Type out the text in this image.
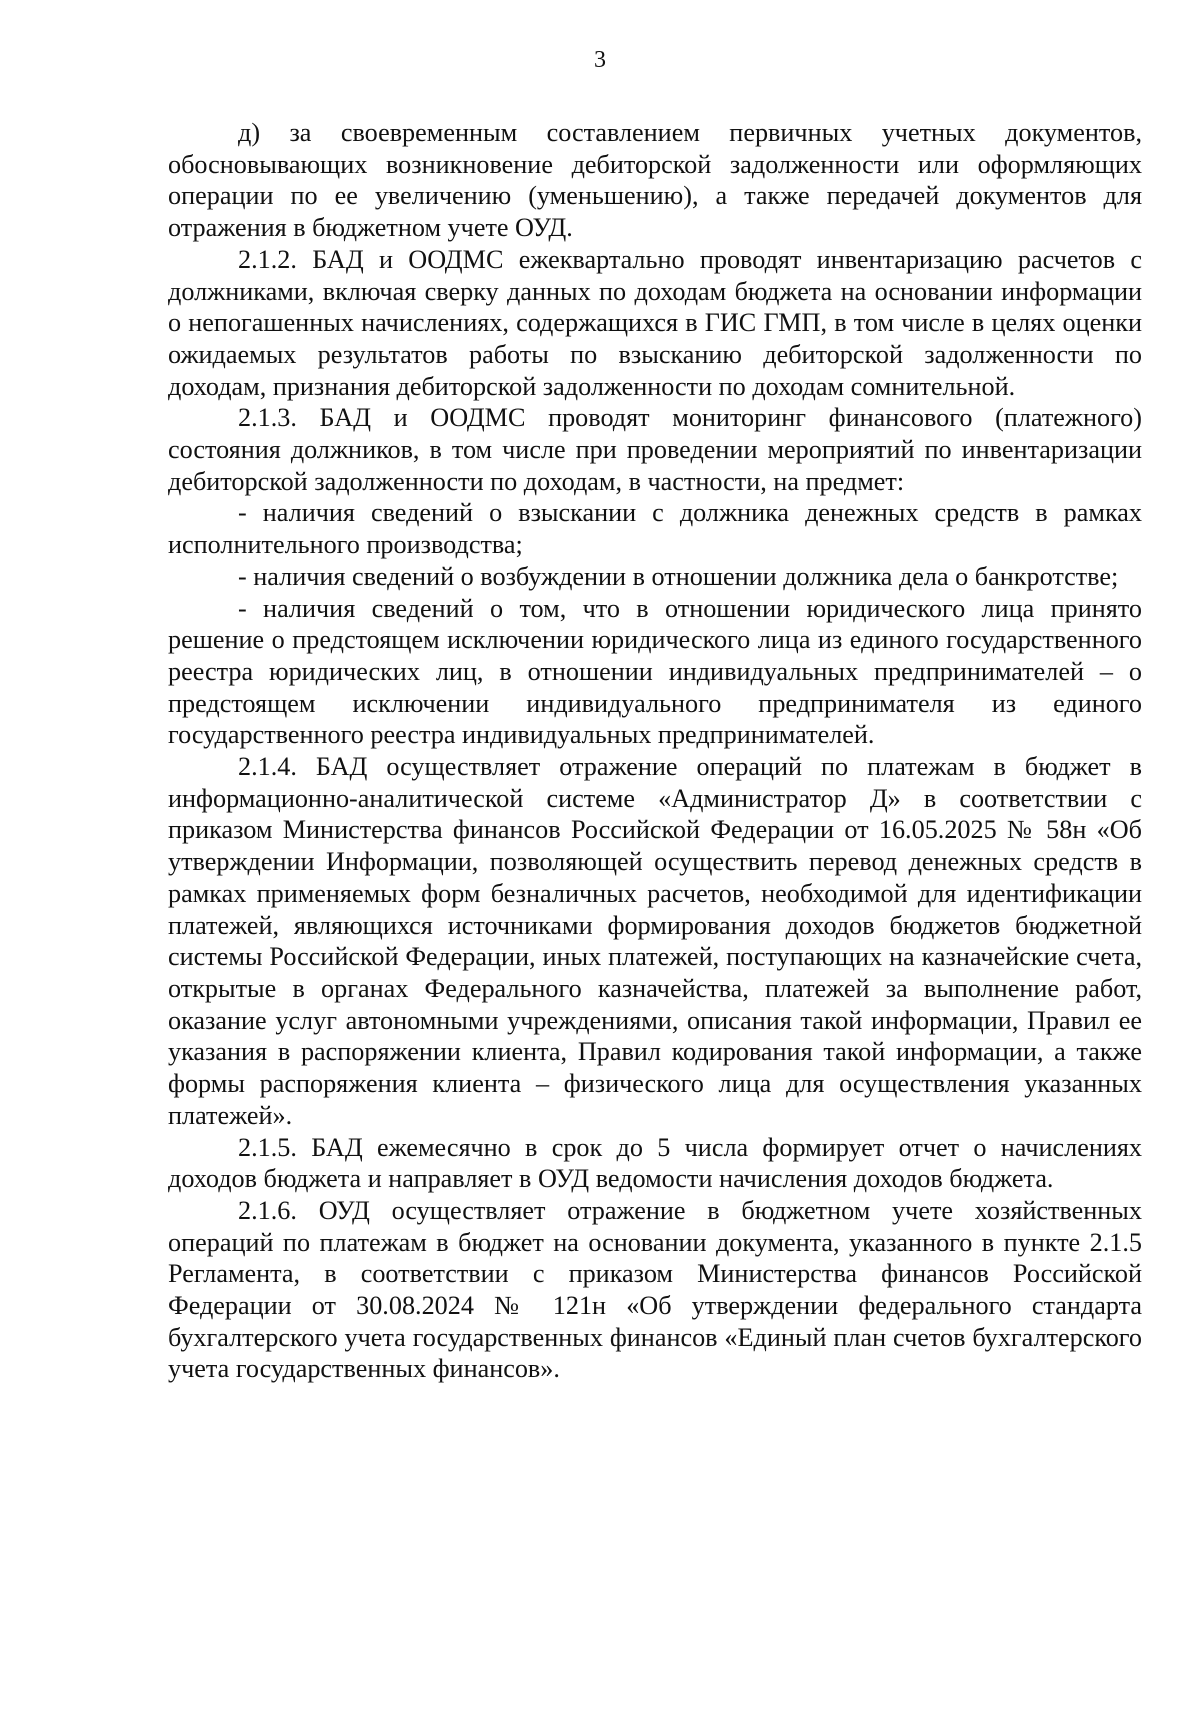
3

д) за своевременным составлением первичных учетных документов, обосновывающих возникновение дебиторской задолженности или оформляющих операции по ее увеличению (уменьшению), а также передачей документов для отражения в бюджетном учете ОУД.

2.1.2. БАД и ООДМС ежеквартально проводят инвентаризацию расчетов с должниками, включая сверку данных по доходам бюджета на основании информации о непогашенных начислениях, содержащихся в ГИС ГМП, в том числе в целях оценки ожидаемых результатов работы по взысканию дебиторской задолженности по доходам, признания дебиторской задолженности по доходам сомнительной.

2.1.3. БАД и ООДМС проводят мониторинг финансового (платежного) состояния должников, в том числе при проведении мероприятий по инвентаризации дебиторской задолженности по доходам, в частности, на предмет:

- наличия сведений о взыскании с должника денежных средств в рамках исполнительного производства;

- наличия сведений о возбуждении в отношении должника дела о банкротстве;

- наличия сведений о том, что в отношении юридического лица принято решение о предстоящем исключении юридического лица из единого государственного реестра юридических лиц, в отношении индивидуальных предпринимателей – о предстоящем исключении индивидуального предпринимателя из единого государственного реестра индивидуальных предпринимателей.

2.1.4. БАД осуществляет отражение операций по платежам в бюджет в информационно-аналитической системе «Администратор Д» в соответствии с приказом Министерства финансов Российской Федерации от 16.05.2025 № 58н «Об утверждении Информации, позволяющей осуществить перевод денежных средств в рамках применяемых форм безналичных расчетов, необходимой для идентификации платежей, являющихся источниками формирования доходов бюджетов бюджетной системы Российской Федерации, иных платежей, поступающих на казначейские счета, открытые в органах Федерального казначейства, платежей за выполнение работ, оказание услуг автономными учреждениями, описания такой информации, Правил ее указания в распоряжении клиента, Правил кодирования такой информации, а также формы распоряжения клиента – физического лица для осуществления указанных платежей».

2.1.5. БАД ежемесячно в срок до 5 числа формирует отчет о начислениях доходов бюджета и направляет в ОУД ведомости начисления доходов бюджета.

2.1.6. ОУД осуществляет отражение в бюджетном учете хозяйственных операций по платежам в бюджет на основании документа, указанного в пункте 2.1.5 Регламента, в соответствии с приказом Министерства финансов Российской Федерации от 30.08.2024 № 121н «Об утверждении федерального стандарта бухгалтерского учета государственных финансов «Единый план счетов бухгалтерского учета государственных финансов».
